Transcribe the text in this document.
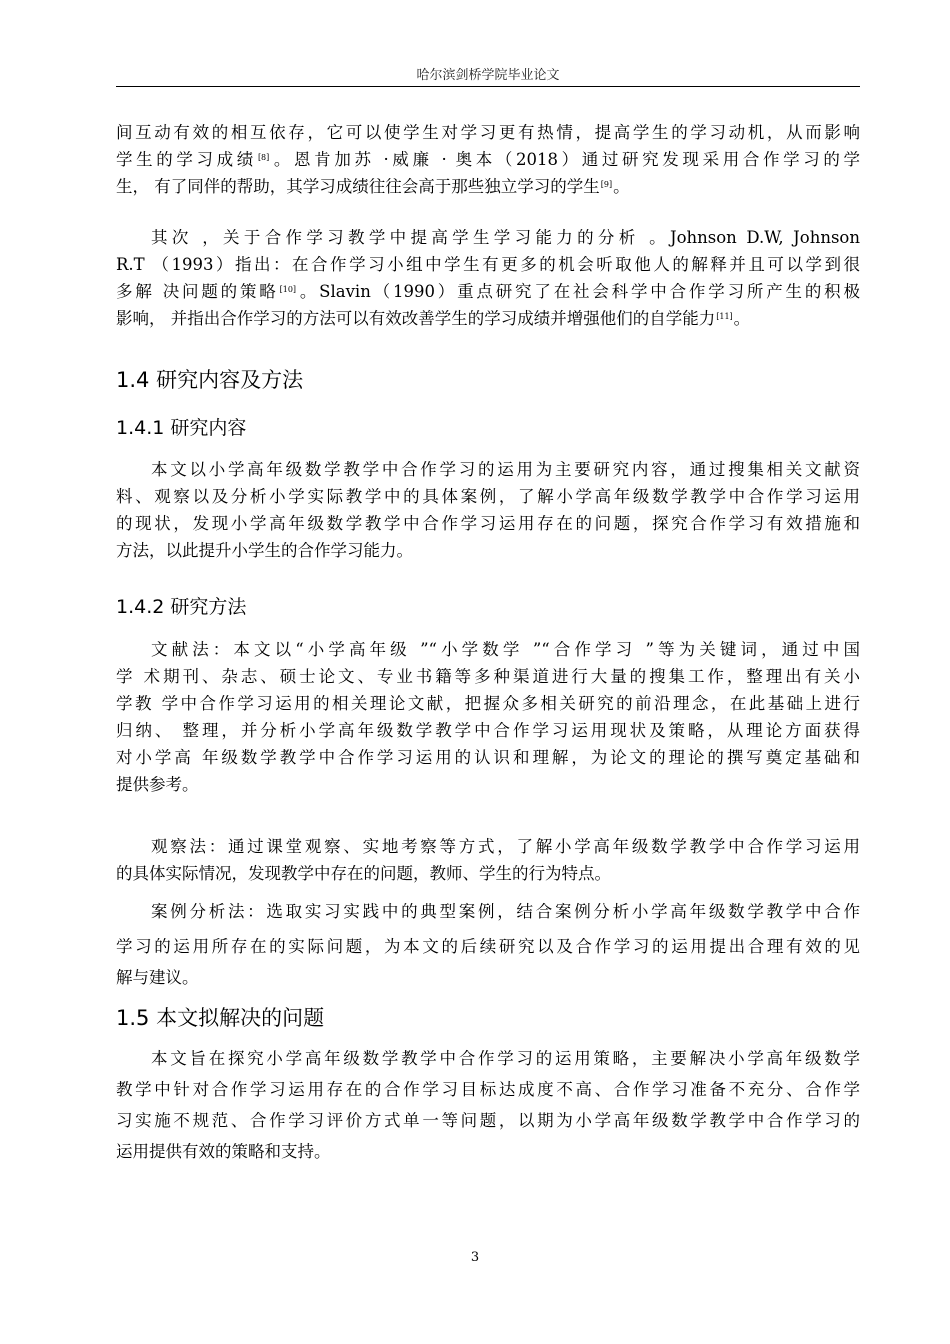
哈尔滨剑桥学院毕业论文
间互动有效的相互依存，它可以使学生对学习更有热情，提高学生的学习动机，从而影响
学生的学习成绩[8]。恩肯加苏 ·威廉 · 奥本（2018）通过研究发现采用合作学习的学
生， 有了同伴的帮助，其学习成绩往往会高于那些独立学习的学生[9]。
其次 ，关于合作学习教学中提高学生学习能力的分析 。Johnson D.W, Johnson
R.T （1993）指出：在合作学习小组中学生有更多的机会听取他人的解释并且可以学到很
多解 决问题的策略[10]。Slavin（1990）重点研究了在社会科学中合作学习所产生的积极
影响， 并指出合作学习的方法可以有效改善学生的学习成绩并增强他们的自学能力[11]。
1.4 研究内容及方法
1.4.1 研究内容
本文以小学高年级数学教学中合作学习的运用为主要研究内容，通过搜集相关文献资
料、观察以及分析小学实际教学中的具体案例，了解小学高年级数学教学中合作学习运用
的现状，发现小学高年级数学教学中合作学习运用存在的问题，探究合作学习有效措施和
方法，以此提升小学生的合作学习能力。
1.4.2 研究方法
文献法：本文以“小学高年级 ”“小学数学 ”“合作学习 ”等为关键词，通过中国
学 术期刊、杂志、硕士论文、专业书籍等多种渠道进行大量的搜集工作，整理出有关小
学教 学中合作学习运用的相关理论文献，把握众多相关研究的前沿理念，在此基础上进行
归纳、 整理，并分析小学高年级数学教学中合作学习运用现状及策略，从理论方面获得
对小学高 年级数学教学中合作学习运用的认识和理解，为论文的理论的撰写奠定基础和
提供参考。
观察法：通过课堂观察、实地考察等方式，了解小学高年级数学教学中合作学习运用
的具体实际情况，发现教学中存在的问题，教师、学生的行为特点。
案例分析法：选取实习实践中的典型案例，结合案例分析小学高年级数学教学中合作
学习的运用所存在的实际问题，为本文的后续研究以及合作学习的运用提出合理有效的见
解与建议。
1.5 本文拟解决的问题
本文旨在探究小学高年级数学教学中合作学习的运用策略，主要解决小学高年级数学
教学中针对合作学习运用存在的合作学习目标达成度不高、合作学习准备不充分、合作学
习实施不规范、合作学习评价方式单一等问题，以期为小学高年级数学教学中合作学习的
运用提供有效的策略和支持。
3
